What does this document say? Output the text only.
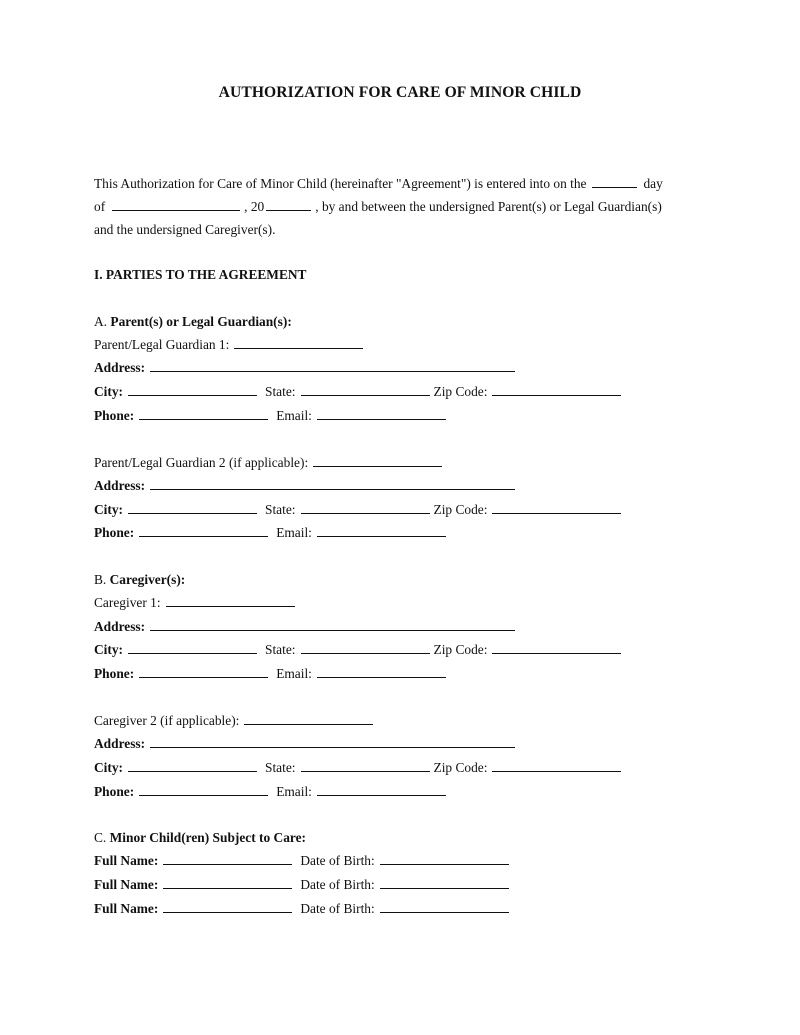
AUTHORIZATION FOR CARE OF MINOR CHILD
This Authorization for Care of Minor Child (hereinafter "Agreement") is entered into on the	day
of	, 20	, by and between the undersigned Parent(s) or Legal Guardian(s)
and the undersigned Caregiver(s).
I. PARTIES TO THE AGREEMENT
A. Parent(s) or Legal Guardian(s):
Parent/Legal Guardian 1:
Address:
City:	State:	Zip Code:
Phone:	Email:
Parent/Legal Guardian 2 (if applicable):
Address:
City:	State:	Zip Code:
Phone:	Email:
B. Caregiver(s):
Caregiver 1:
Address:
City:	State:	Zip Code:
Phone:	Email:
Caregiver 2 (if applicable):
Address:
City:	State:	Zip Code:
Phone:	Email:
C. Minor Child(ren) Subject to Care:
Full Name:	Date of Birth:
Full Name:	Date of Birth:
Full Name:	Date of Birth:
